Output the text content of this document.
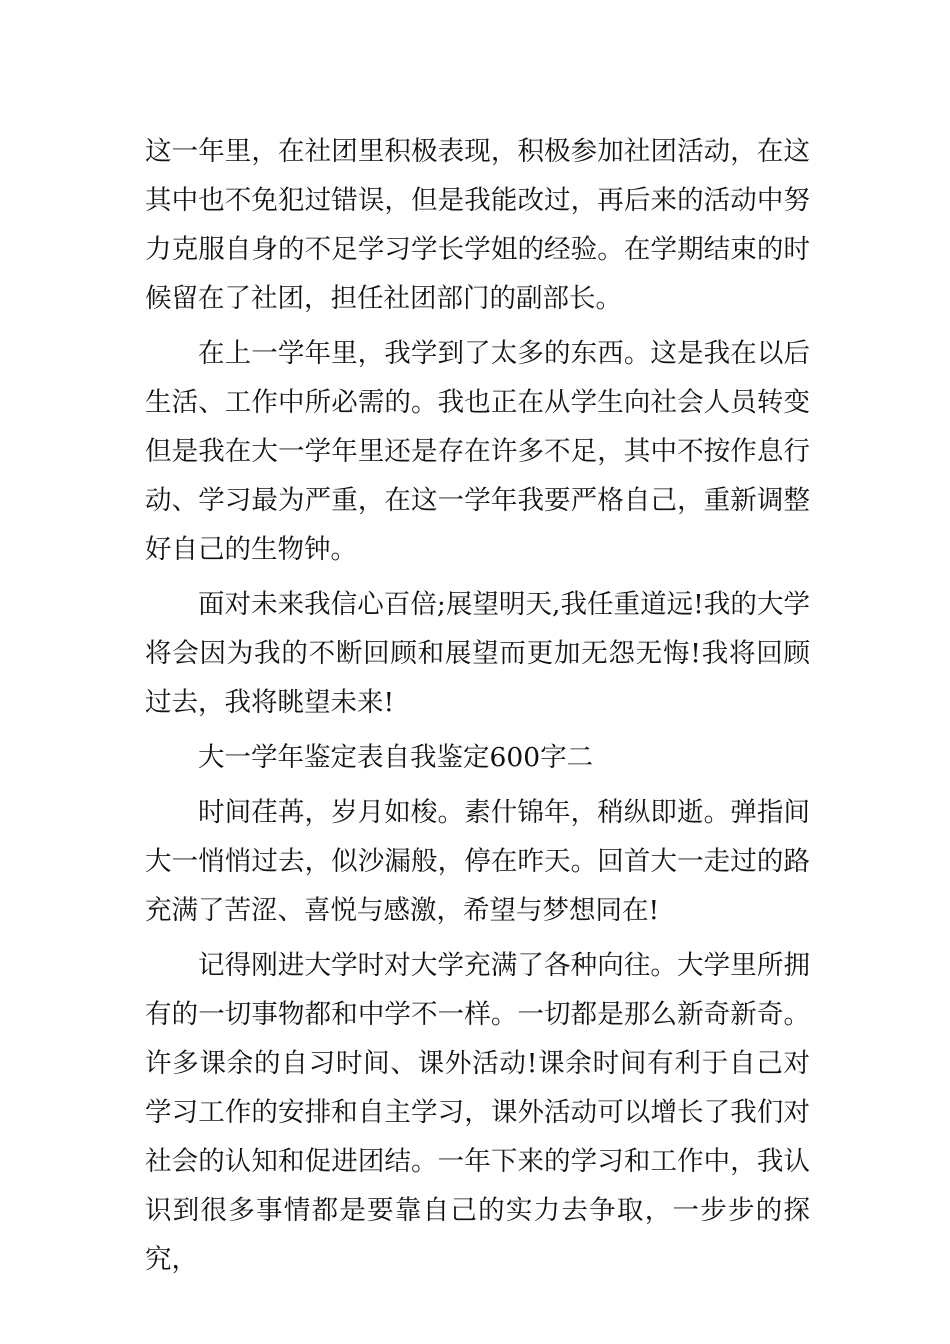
这一年里，在社团里积极表现，积极参加社团活动，在这其中也不免犯过错误，但是我能改过，再后来的活动中努力克服自身的不足学习学长学姐的经验。在学期结束的时候留在了社团，担任社团部门的副部长。

在上一学年里，我学到了太多的东西。这是我在以后生活、工作中所必需的。我也正在从学生向社会人员转变但是我在大一学年里还是存在许多不足，其中不按作息行动、学习最为严重，在这一学年我要严格自己，重新调整好自己的生物钟。

面对未来我信心百倍;展望明天,我任重道远!我的大学将会因为我的不断回顾和展望而更加无怨无悔!我将回顾过去，我将眺望未来!

大一学年鉴定表自我鉴定600字二

时间荏苒，岁月如梭。素什锦年，稍纵即逝。弹指间大一悄悄过去，似沙漏般，停在昨天。回首大一走过的路充满了苦涩、喜悦与感激，希望与梦想同在!

记得刚进大学时对大学充满了各种向往。大学里所拥有的一切事物都和中学不一样。一切都是那么新奇新奇。许多课余的自习时间、课外活动!课余时间有利于自己对学习工作的安排和自主学习，课外活动可以增长了我们对社会的认知和促进团结。一年下来的学习和工作中，我认识到很多事情都是要靠自己的实力去争取，一步步的探究，
